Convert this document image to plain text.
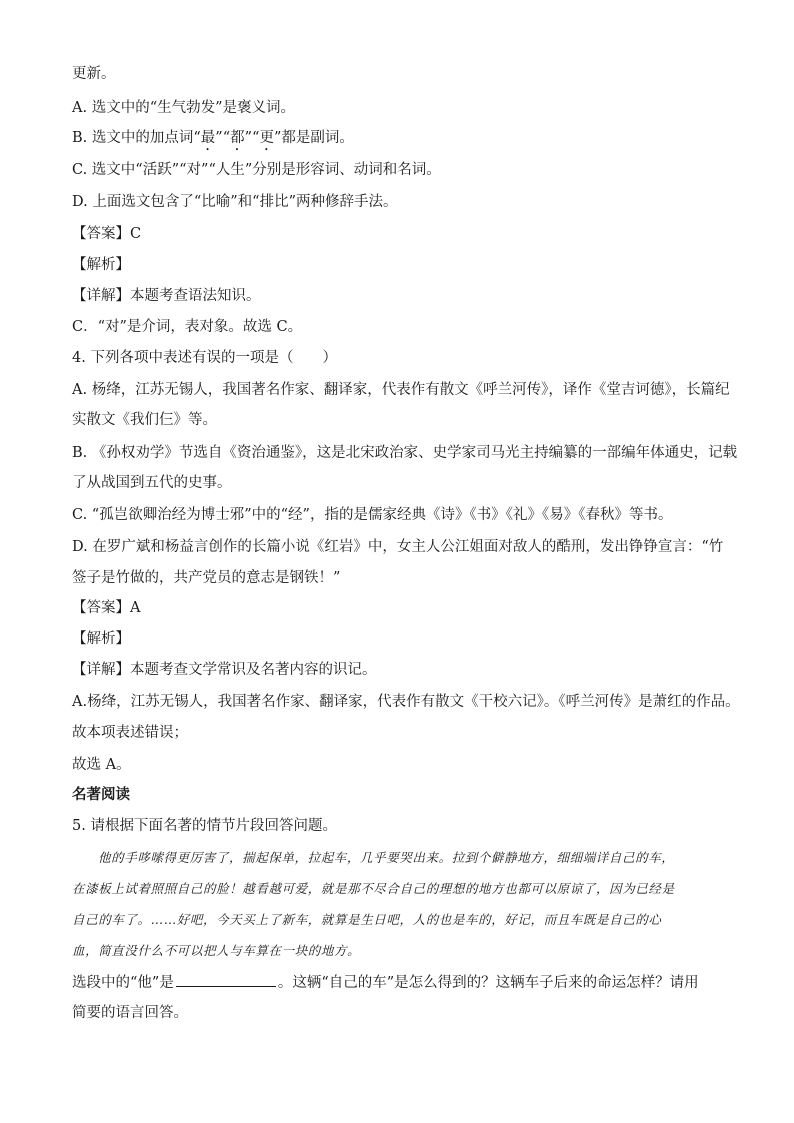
更新。
A. 选文中的“生气勃发”是褒义词。
B. 选文中的加点词“最”“都”“更”都是副词。
C. 选文中“活跃”“对”“人生”分别是形容词、动词和名词。
D. 上面选文包含了“比喻”和“排比”两种修辞手法。
【答案】C
【解析】
【详解】本题考查语法知识。
C．“对”是介词，表对象。故选 C。
4. 下列各项中表述有误的一项是（　　）
A. 杨绛，江苏无锡人，我国著名作家、翻译家，代表作有散文《呼兰河传》，译作《堂吉诃德》，长篇纪
实散文《我们仨》等。
B. 《孙权劝学》节选自《资治通鉴》，这是北宋政治家、史学家司马光主持编纂的一部编年体通史，记载
了从战国到五代的史事。
C. “孤岂欲卿治经为博士邪”中的“经”，指的是儒家经典《诗》《书》《礼》《易》《春秋》等书。
D. 在罗广斌和杨益言创作的长篇小说《红岩》中，女主人公江姐面对敌人的酷刑，发出铮铮宣言：“竹
签子是竹做的，共产党员的意志是钢铁！”
【答案】A
【解析】
【详解】本题考查文学常识及名著内容的识记。
A.杨绛，江苏无锡人，我国著名作家、翻译家，代表作有散文《干校六记》。《呼兰河传》是萧红的作品。
故本项表述错误；
故选 A。
名著阅读
5. 请根据下面名著的情节片段回答问题。
他的手哆嗦得更厉害了，揣起保单，拉起车，几乎要哭出来。拉到个僻静地方，细细端详自己的车，
在漆板上试着照照自己的脸！越看越可爱，就是那不尽合自己的理想的地方也都可以原谅了，因为已经是
自己的车了。……好吧，今天买上了新车，就算是生日吧，人的也是车的，好记，而且车既是自己的心
血，简直没什么不可以把人与车算在一块的地方。
选段中的“他”是	。这辆“自己的车”是怎么得到的？这辆车子后来的命运怎样？请用
简要的语言回答。
